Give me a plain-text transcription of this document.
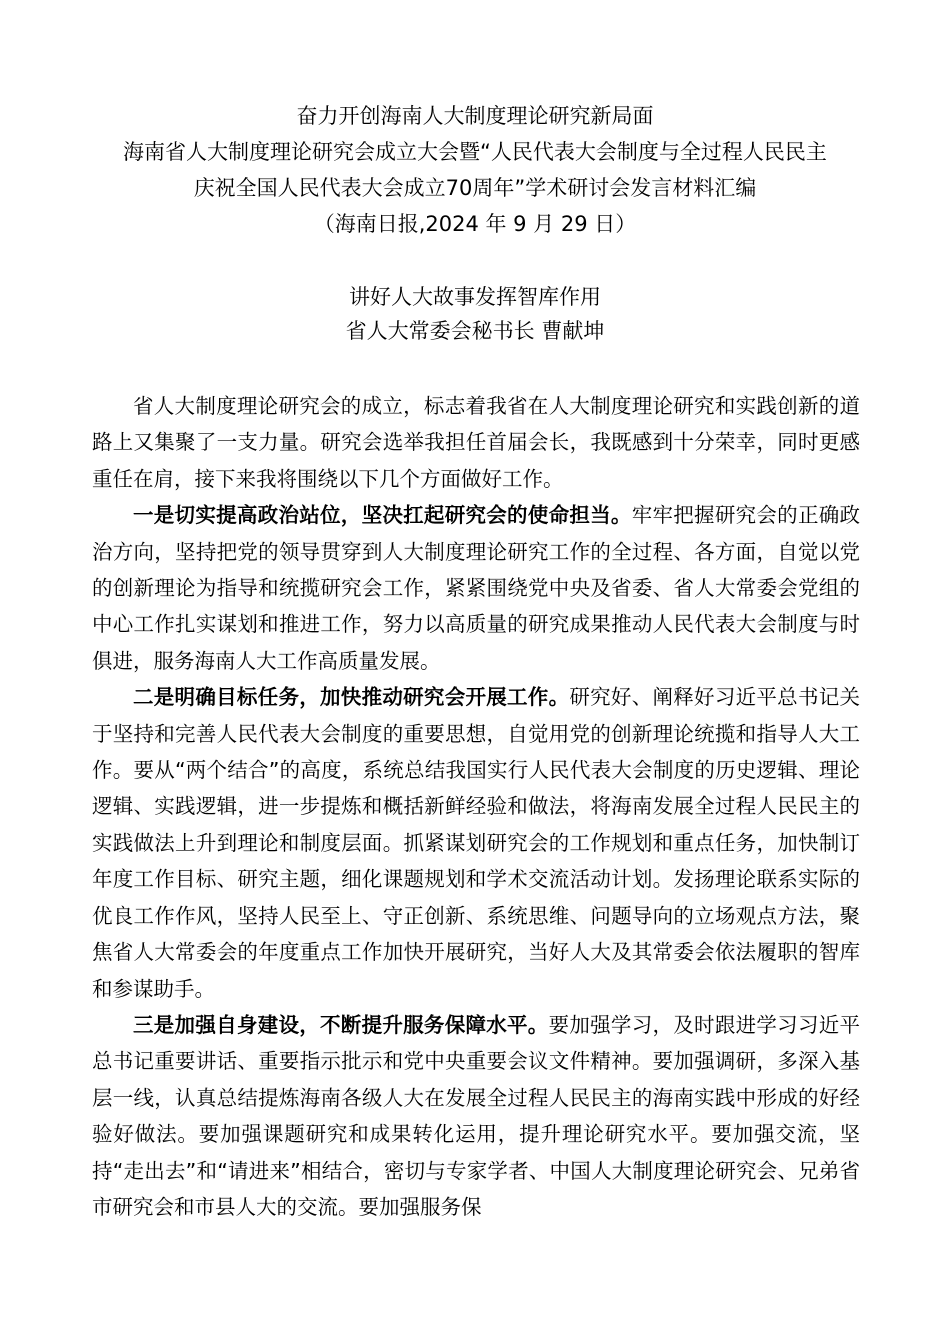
奋力开创海南人大制度理论研究新局面
海南省人大制度理论研究会成立大会暨“人民代表大会制度与全过程人民民主
庆祝全国人民代表大会成立70周年”学术研讨会发言材料汇编
（海南日报,2024 年 9 月 29 日）
讲好人大故事发挥智库作用
省人大常委会秘书长 曹献坤

省人大制度理论研究会的成立，标志着我省在人大制度理论研究和实践创新的道路上又集聚了一支力量。研究会选举我担任首届会长，我既感到十分荣幸，同时更感重任在肩，接下来我将围绕以下几个方面做好工作。

一是切实提高政治站位，坚决扛起研究会的使命担当。牢牢把握研究会的正确政治方向，坚持把党的领导贯穿到人大制度理论研究工作的全过程、各方面，自觉以党的创新理论为指导和统揽研究会工作，紧紧围绕党中央及省委、省人大常委会党组的中心工作扎实谋划和推进工作，努力以高质量的研究成果推动人民代表大会制度与时俱进，服务海南人大工作高质量发展。

二是明确目标任务，加快推动研究会开展工作。研究好、阐释好习近平总书记关于坚持和完善人民代表大会制度的重要思想，自觉用党的创新理论统揽和指导人大工作。要从“两个结合”的高度，系统总结我国实行人民代表大会制度的历史逻辑、理论逻辑、实践逻辑，进一步提炼和概括新鲜经验和做法，将海南发展全过程人民民主的实践做法上升到理论和制度层面。抓紧谋划研究会的工作规划和重点任务，加快制订年度工作目标、研究主题，细化课题规划和学术交流活动计划。发扬理论联系实际的优良工作作风，坚持人民至上、守正创新、系统思维、问题导向的立场观点方法，聚焦省人大常委会的年度重点工作加快开展研究，当好人大及其常委会依法履职的智库和参谋助手。

三是加强自身建设，不断提升服务保障水平。要加强学习，及时跟进学习习近平总书记重要讲话、重要指示批示和党中央重要会议文件精神。要加强调研，多深入基层一线，认真总结提炼海南各级人大在发展全过程人民民主的海南实践中形成的好经验好做法。要加强课题研究和成果转化运用，提升理论研究水平。要加强交流，坚持“走出去”和“请进来”相结合，密切与专家学者、中国人大制度理论研究会、兄弟省市研究会和市县人大的交流。要加强服务保
